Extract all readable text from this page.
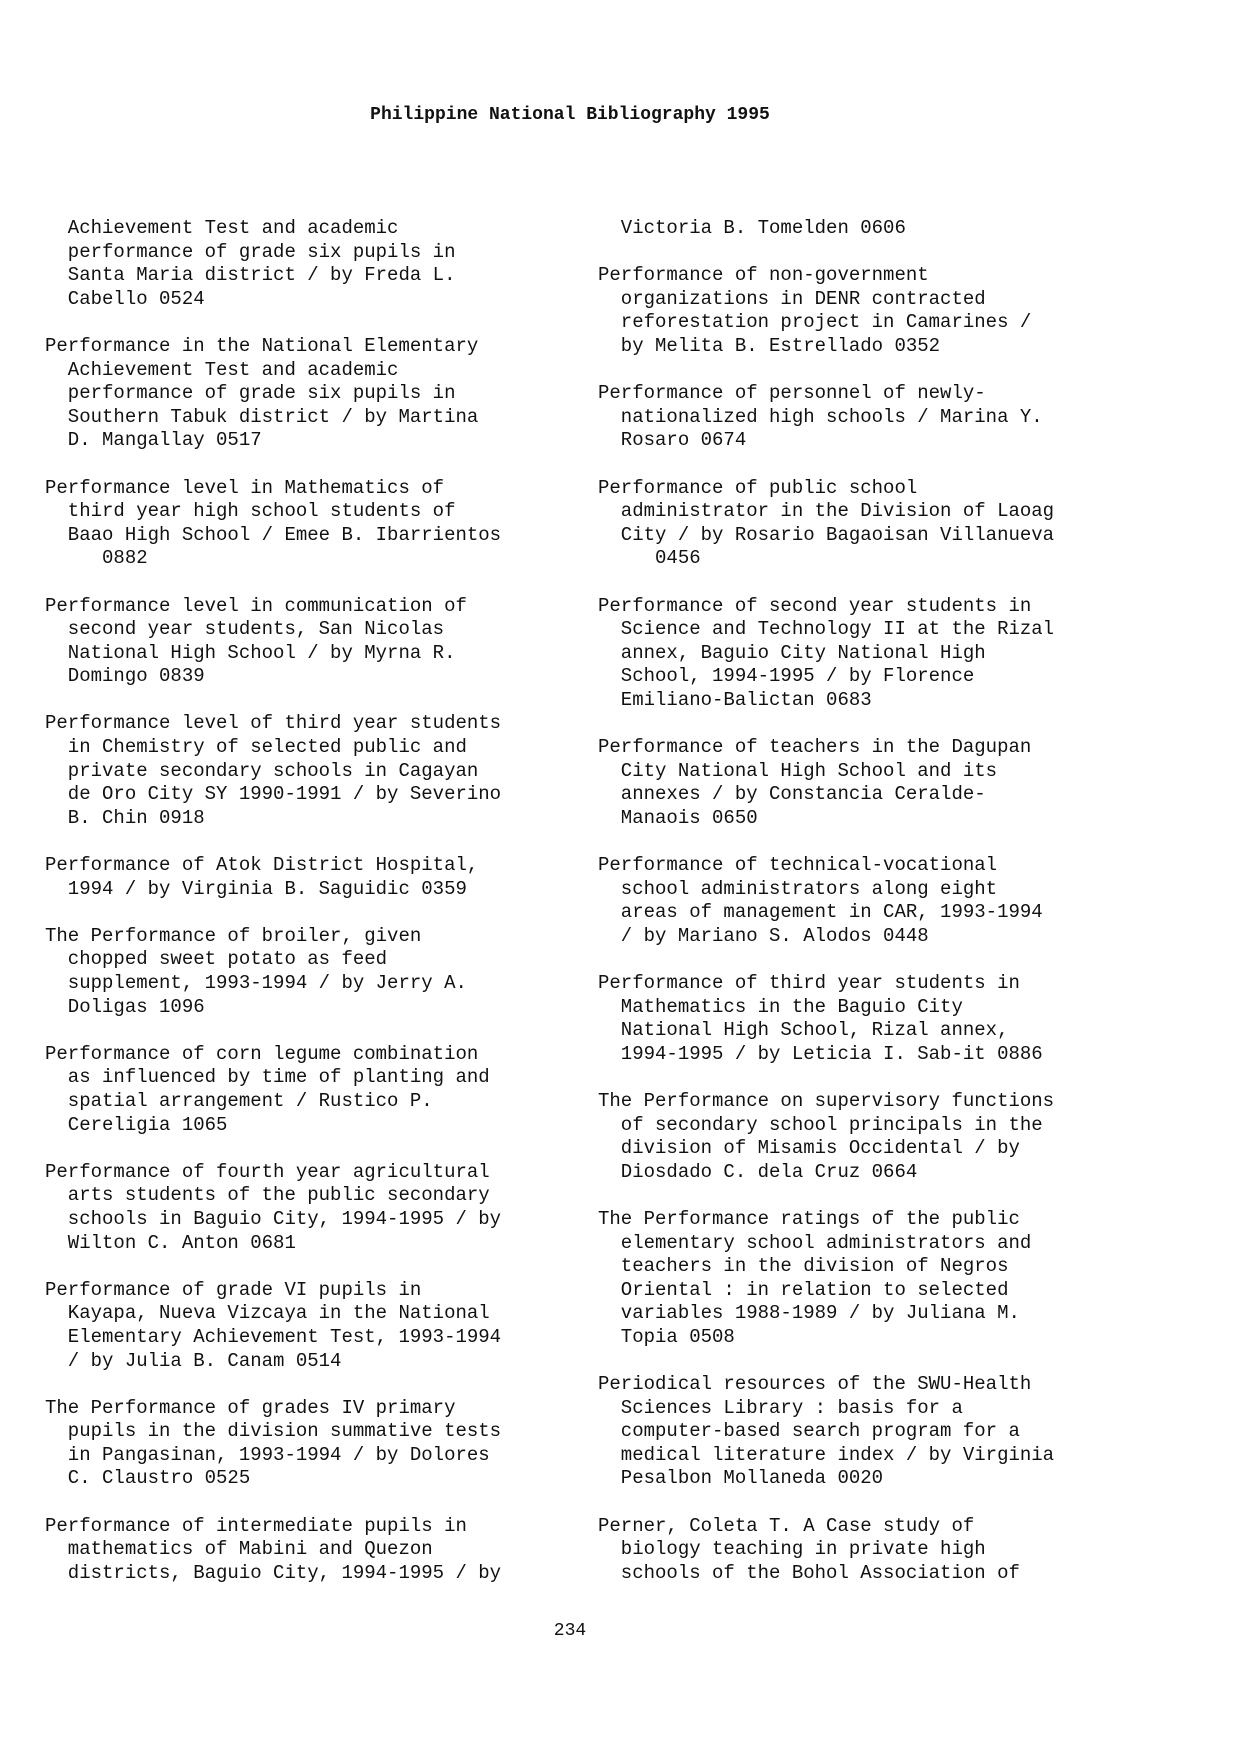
Philippine National Bibliography 1995
Achievement Test and academic
performance of grade six pupils in
Santa Maria district / by Freda L.
Cabello 0524
Performance in the National Elementary
Achievement Test and academic
performance of grade six pupils in
Southern Tabuk district / by Martina
D. Mangallay 0517
Performance level in Mathematics of
third year high school students of
Baao High School / Emee B. Ibarrientos
0882
Performance level in communication of
second year students, San Nicolas
National High School / by Myrna R.
Domingo 0839
Performance level of third year students
in Chemistry of selected public and
private secondary schools in Cagayan
de Oro City SY 1990-1991 / by Severino
B. Chin 0918
Performance of Atok District Hospital,
1994 / by Virginia B. Saguidic 0359
The Performance of broiler, given
chopped sweet potato as feed
supplement, 1993-1994 / by Jerry A.
Doligas 1096
Performance of corn legume combination
as influenced by time of planting and
spatial arrangement / Rustico P.
Cereligia 1065
Performance of fourth year agricultural
arts students of the public secondary
schools in Baguio City, 1994-1995 / by
Wilton C. Anton 0681
Performance of grade VI pupils in
Kayapa, Nueva Vizcaya in the National
Elementary Achievement Test, 1993-1994
/ by Julia B. Canam 0514
The Performance of grades IV primary
pupils in the division summative tests
in Pangasinan, 1993-1994 / by Dolores
C. Claustro 0525
Performance of intermediate pupils in
mathematics of Mabini and Quezon
districts, Baguio City, 1994-1995 / by
Victoria B. Tomelden 0606
Performance of non-government
organizations in DENR contracted
reforestation project in Camarines /
by Melita B. Estrellado 0352
Performance of personnel of newly-
nationalized high schools / Marina Y.
Rosaro 0674
Performance of public school
administrator in the Division of Laoag
City / by Rosario Bagaoisan Villanueva
0456
Performance of second year students in
Science and Technology II at the Rizal
annex, Baguio City National High
School, 1994-1995 / by Florence
Emiliano-Balictan 0683
Performance of teachers in the Dagupan
City National High School and its
annexes / by Constancia Ceralde-
Manaois 0650
Performance of technical-vocational
school administrators along eight
areas of management in CAR, 1993-1994
/ by Mariano S. Alodos 0448
Performance of third year students in
Mathematics in the Baguio City
National High School, Rizal annex,
1994-1995 / by Leticia I. Sab-it 0886
The Performance on supervisory functions
of secondary school principals in the
division of Misamis Occidental / by
Diosdado C. dela Cruz 0664
The Performance ratings of the public
elementary school administrators and
teachers in the division of Negros
Oriental : in relation to selected
variables 1988-1989 / by Juliana M.
Topia 0508
Periodical resources of the SWU-Health
Sciences Library : basis for a
computer-based search program for a
medical literature index / by Virginia
Pesalbon Mollaneda 0020
Perner, Coleta T. A Case study of
biology teaching in private high
schools of the Bohol Association of
234
